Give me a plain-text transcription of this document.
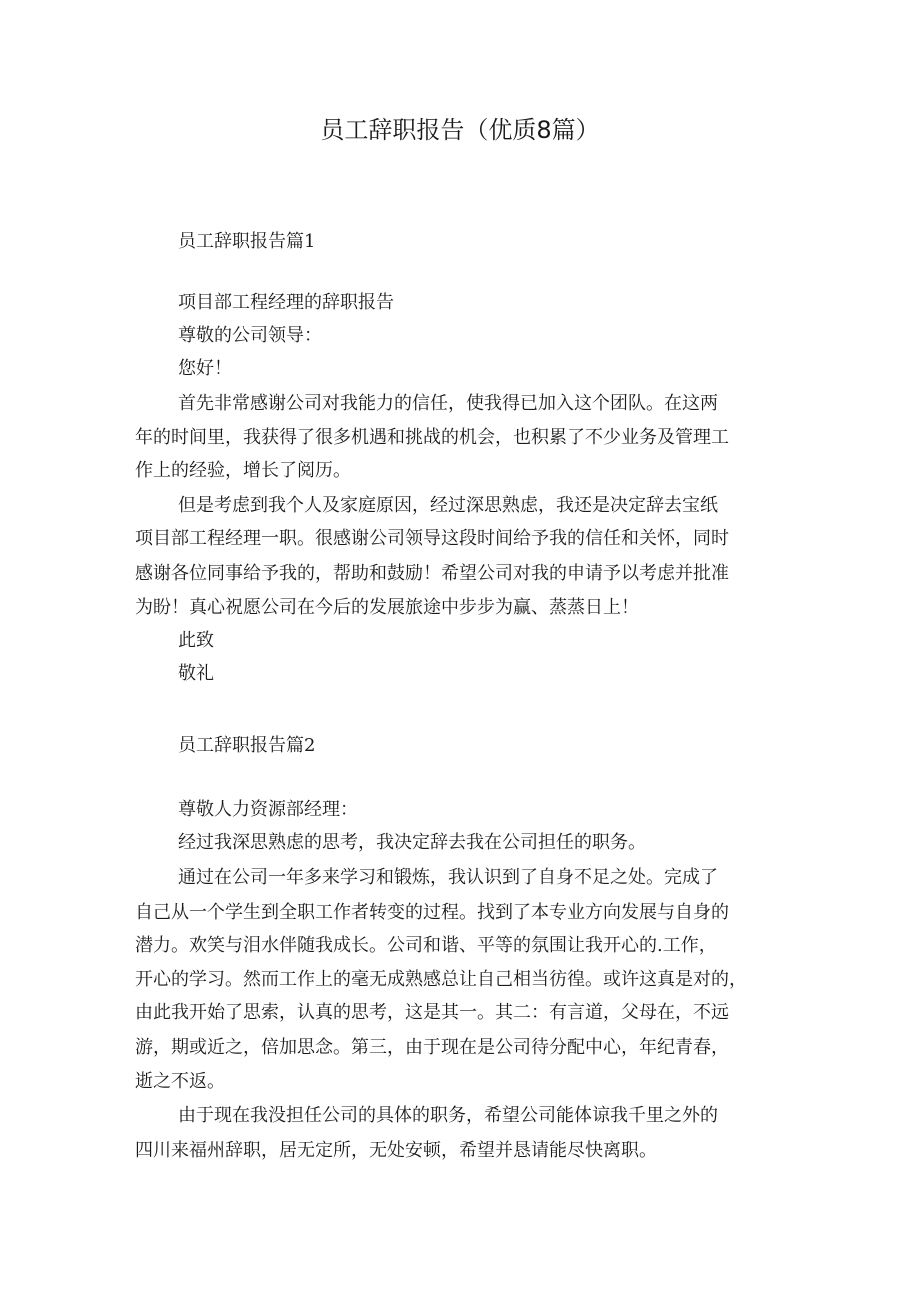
员工辞职报告（优质8篇）
员工辞职报告篇1

项目部工程经理的辞职报告

尊敬的公司领导：

您好！

首先非常感谢公司对我能力的信任，使我得已加入这个团队。在这两

年的时间里，我获得了很多机遇和挑战的机会，也积累了不少业务及管理工

作上的经验，增长了阅历。

但是考虑到我个人及家庭原因，经过深思熟虑，我还是决定辞去宝纸

项目部工程经理一职。很感谢公司领导这段时间给予我的信任和关怀，同时

感谢各位同事给予我的，帮助和鼓励！希望公司对我的申请予以考虑并批准

为盼！真心祝愿公司在今后的发展旅途中步步为赢、蒸蒸日上！

此致

敬礼

员工辞职报告篇2

尊敬人力资源部经理：

经过我深思熟虑的思考，我决定辞去我在公司担任的职务。

通过在公司一年多来学习和锻炼，我认识到了自身不足之处。完成了

自己从一个学生到全职工作者转变的过程。找到了本专业方向发展与自身的

潜力。欢笑与泪水伴随我成长。公司和谐、平等的氛围让我开心的.工作，

开心的学习。然而工作上的毫无成熟感总让自己相当彷徨。或许这真是对的，

由此我开始了思索，认真的思考，这是其一。其二：有言道，父母在，不远

游，期或近之，倍加思念。第三，由于现在是公司待分配中心，年纪青春，

逝之不返。

由于现在我没担任公司的具体的职务，希望公司能体谅我千里之外的

四川来福州辞职，居无定所，无处安顿，希望并恳请能尽快离职。
